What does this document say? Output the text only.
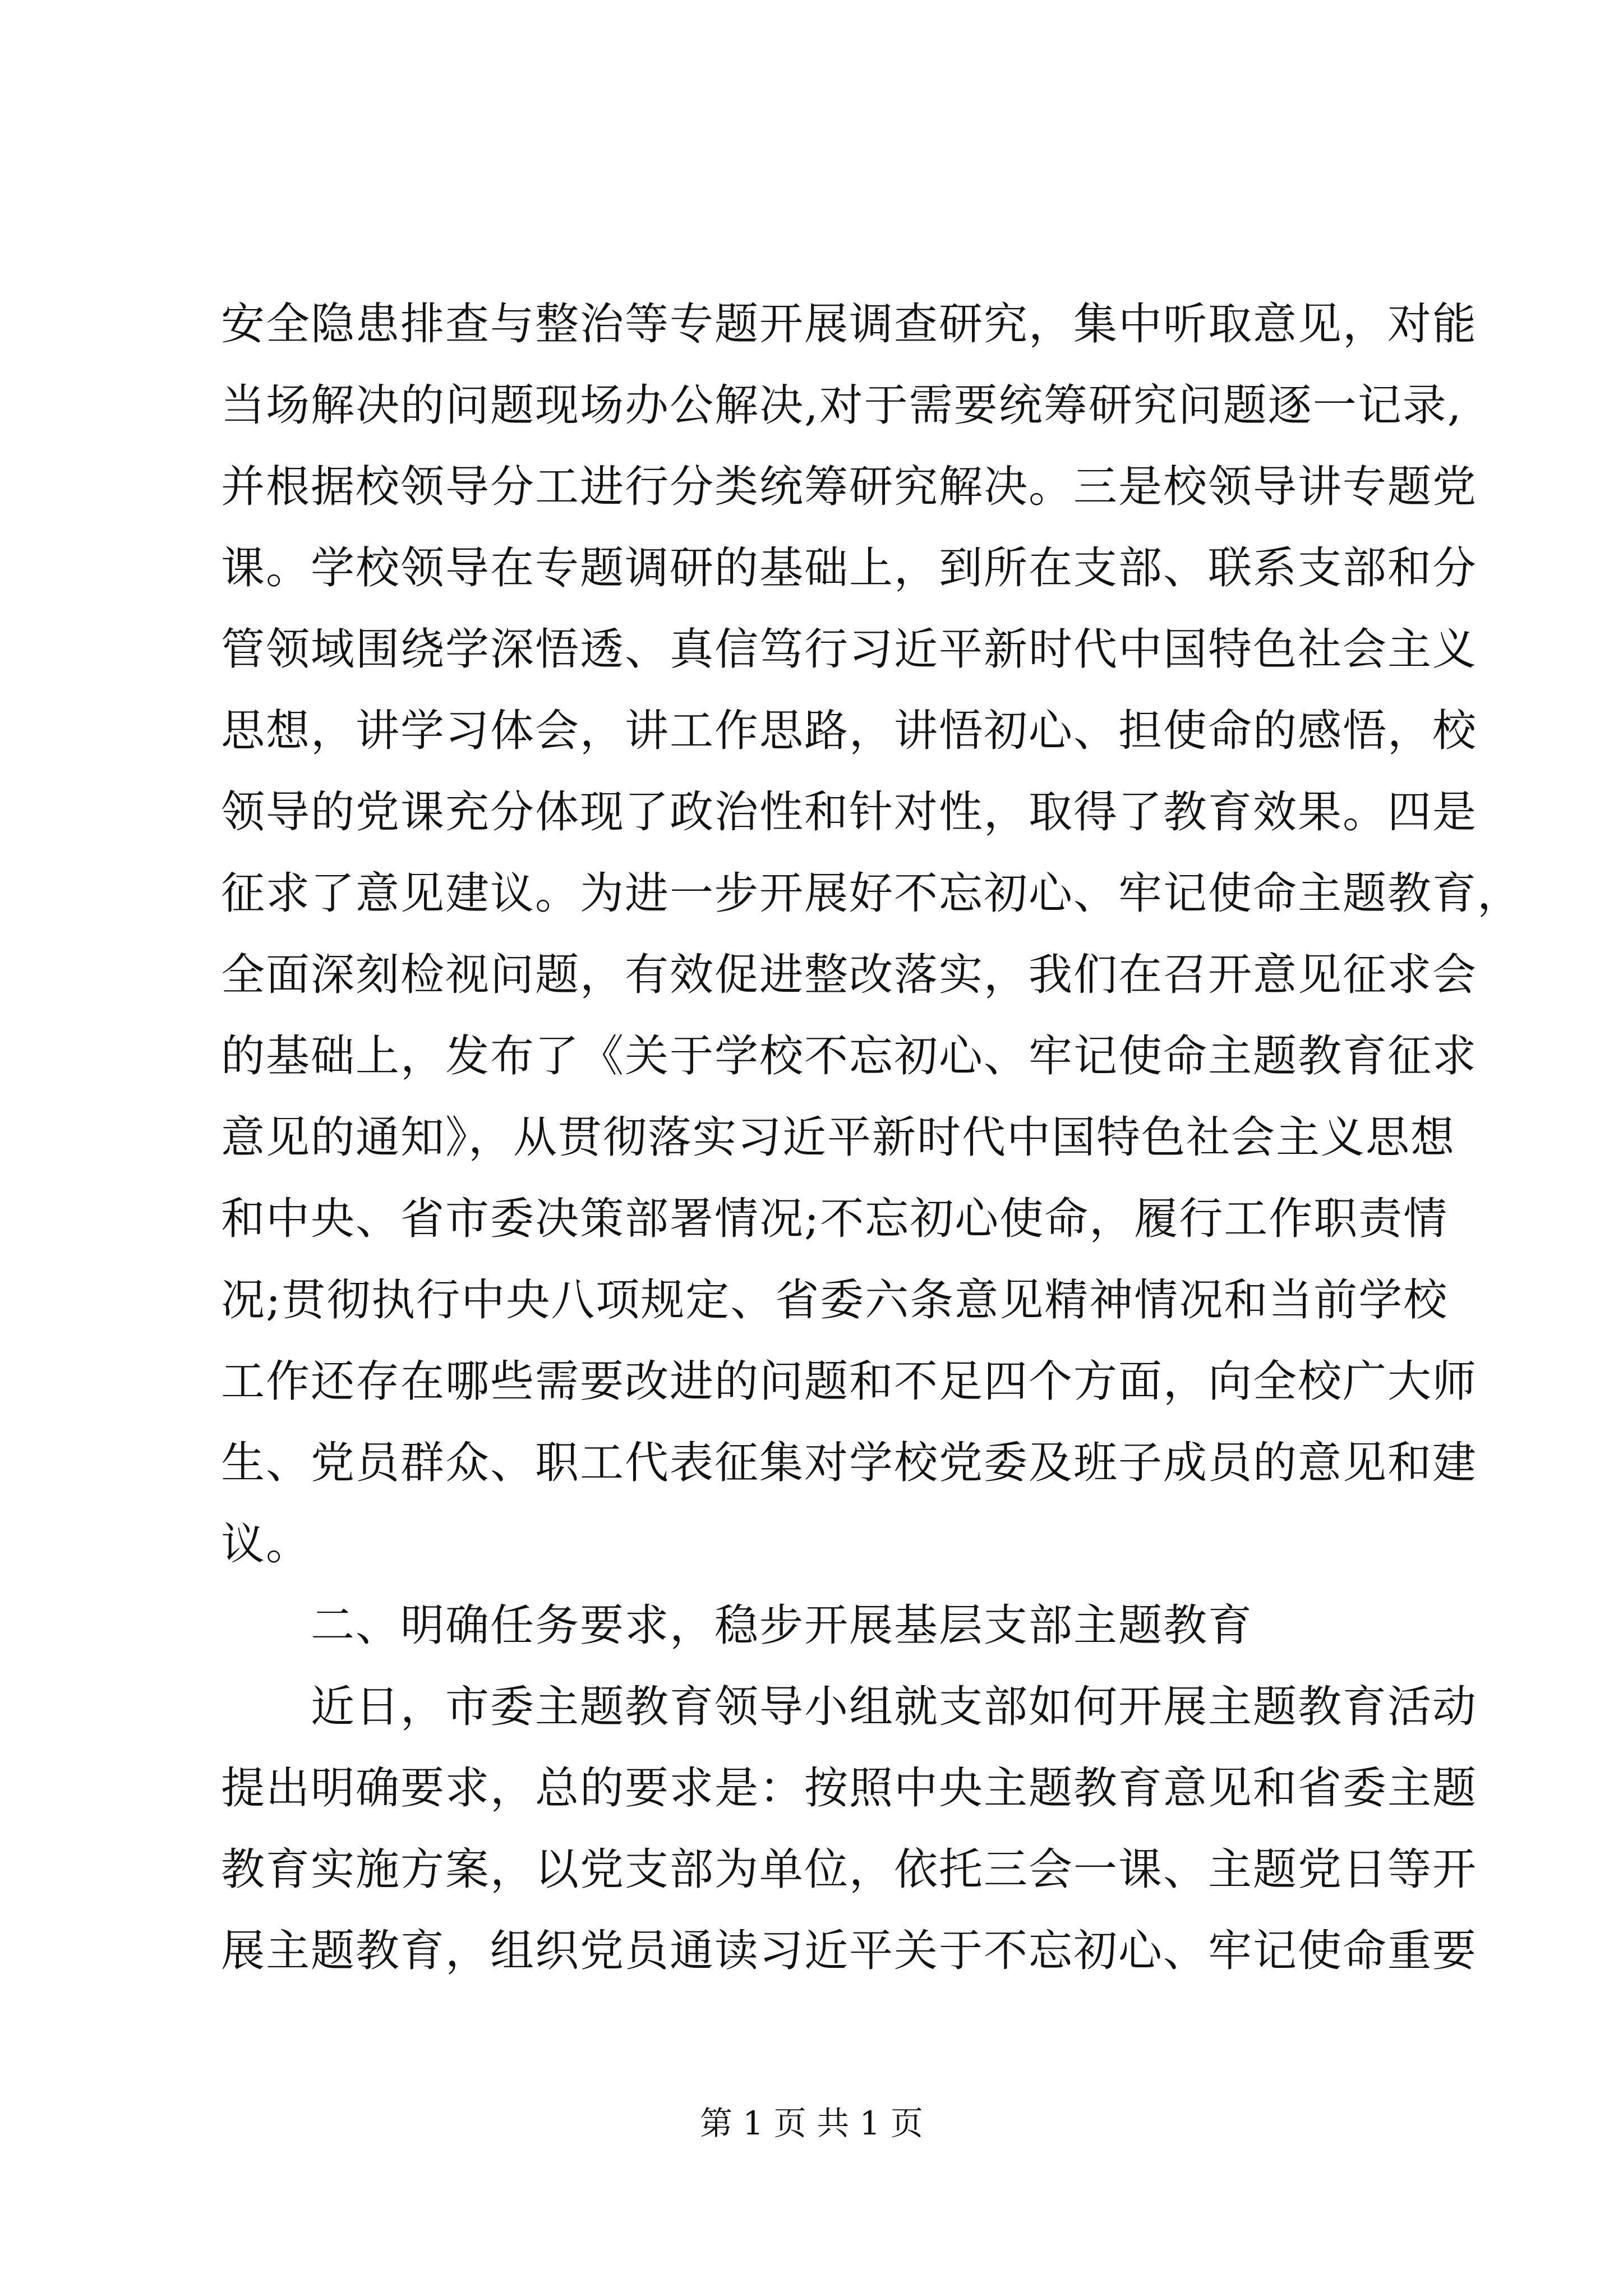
安全隐患排查与整治等专题开展调查研究，集中听取意见，对能
当场解决的问题现场办公解决,对于需要统筹研究问题逐一记录,
并根据校领导分工进行分类统筹研究解决。三是校领导讲专题党
课。学校领导在专题调研的基础上，到所在支部、联系支部和分
管领域围绕学深悟透、真信笃行习近平新时代中国特色社会主义
思想，讲学习体会，讲工作思路，讲悟初心、担使命的感悟，校
领导的党课充分体现了政治性和针对性，取得了教育效果。四是
征求了意见建议。为进一步开展好不忘初心、牢记使命主题教育，
全面深刻检视问题，有效促进整改落实，我们在召开意见征求会
的基础上，发布了《关于学校不忘初心、牢记使命主题教育征求
意见的通知》，从贯彻落实习近平新时代中国特色社会主义思想
和中央、省市委决策部署情况;不忘初心使命，履行工作职责情
况;贯彻执行中央八项规定、省委六条意见精神情况和当前学校
工作还存在哪些需要改进的问题和不足四个方面，向全校广大师
生、党员群众、职工代表征集对学校党委及班子成员的意见和建
议。
　　二、明确任务要求，稳步开展基层支部主题教育
　　近日，市委主题教育领导小组就支部如何开展主题教育活动
提出明确要求，总的要求是：按照中央主题教育意见和省委主题
教育实施方案，以党支部为单位，依托三会一课、主题党日等开
展主题教育，组织党员通读习近平关于不忘初心、牢记使命重要
第 1 页 共 1 页
